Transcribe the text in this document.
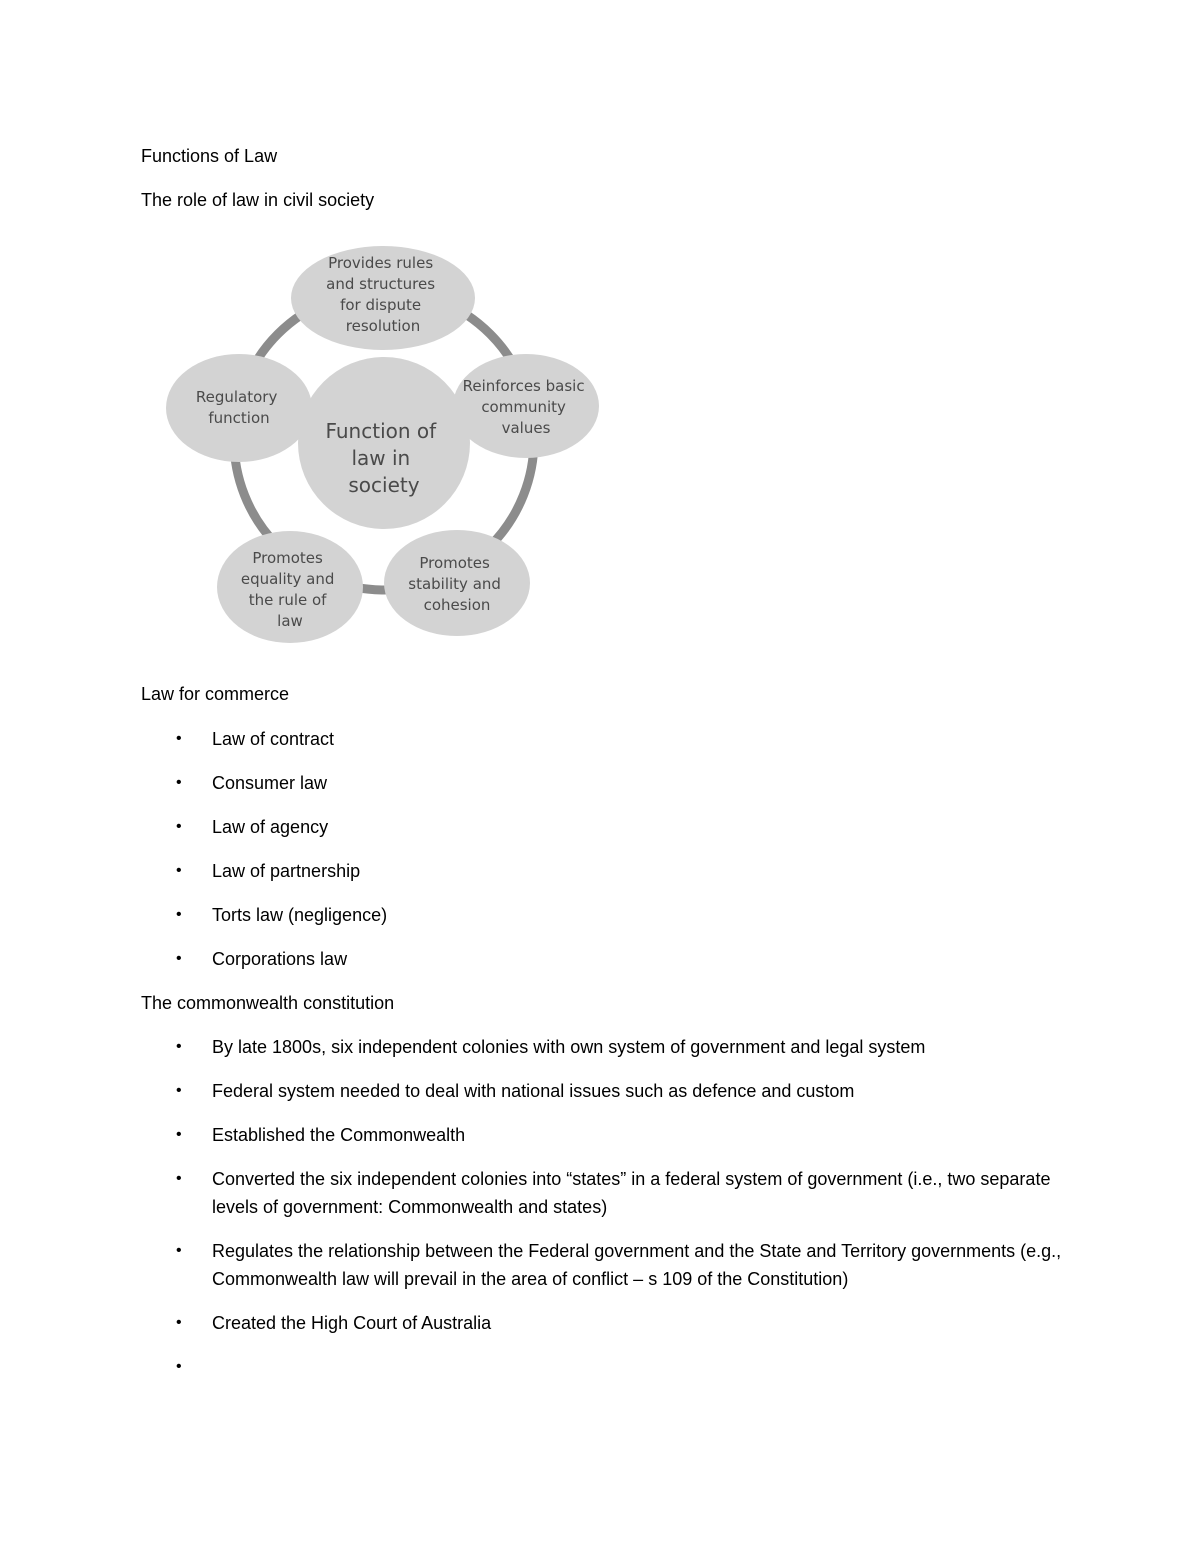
Functions of Law

The role of law in civil society

Function of law in society
Provides rules and structures for dispute resolution
Reinforces basic community values
Promotes stability and cohesion
Promotes equality and the rule of law
Regulatory function

Law for commerce

• Law of contract
• Consumer law
• Law of agency
• Law of partnership
• Torts law (negligence)
• Corporations law

The commonwealth constitution

• By late 1800s, six independent colonies with own system of government and legal system
• Federal system needed to deal with national issues such as defence and custom
• Established the Commonwealth
• Converted the six independent colonies into “states” in a federal system of government (i.e., two separate levels of government: Commonwealth and states)
• Regulates the relationship between the Federal government and the State and Territory governments (e.g., Commonwealth law will prevail in the area of conflict – s 109 of the Constitution)
• Created the High Court of Australia
•
